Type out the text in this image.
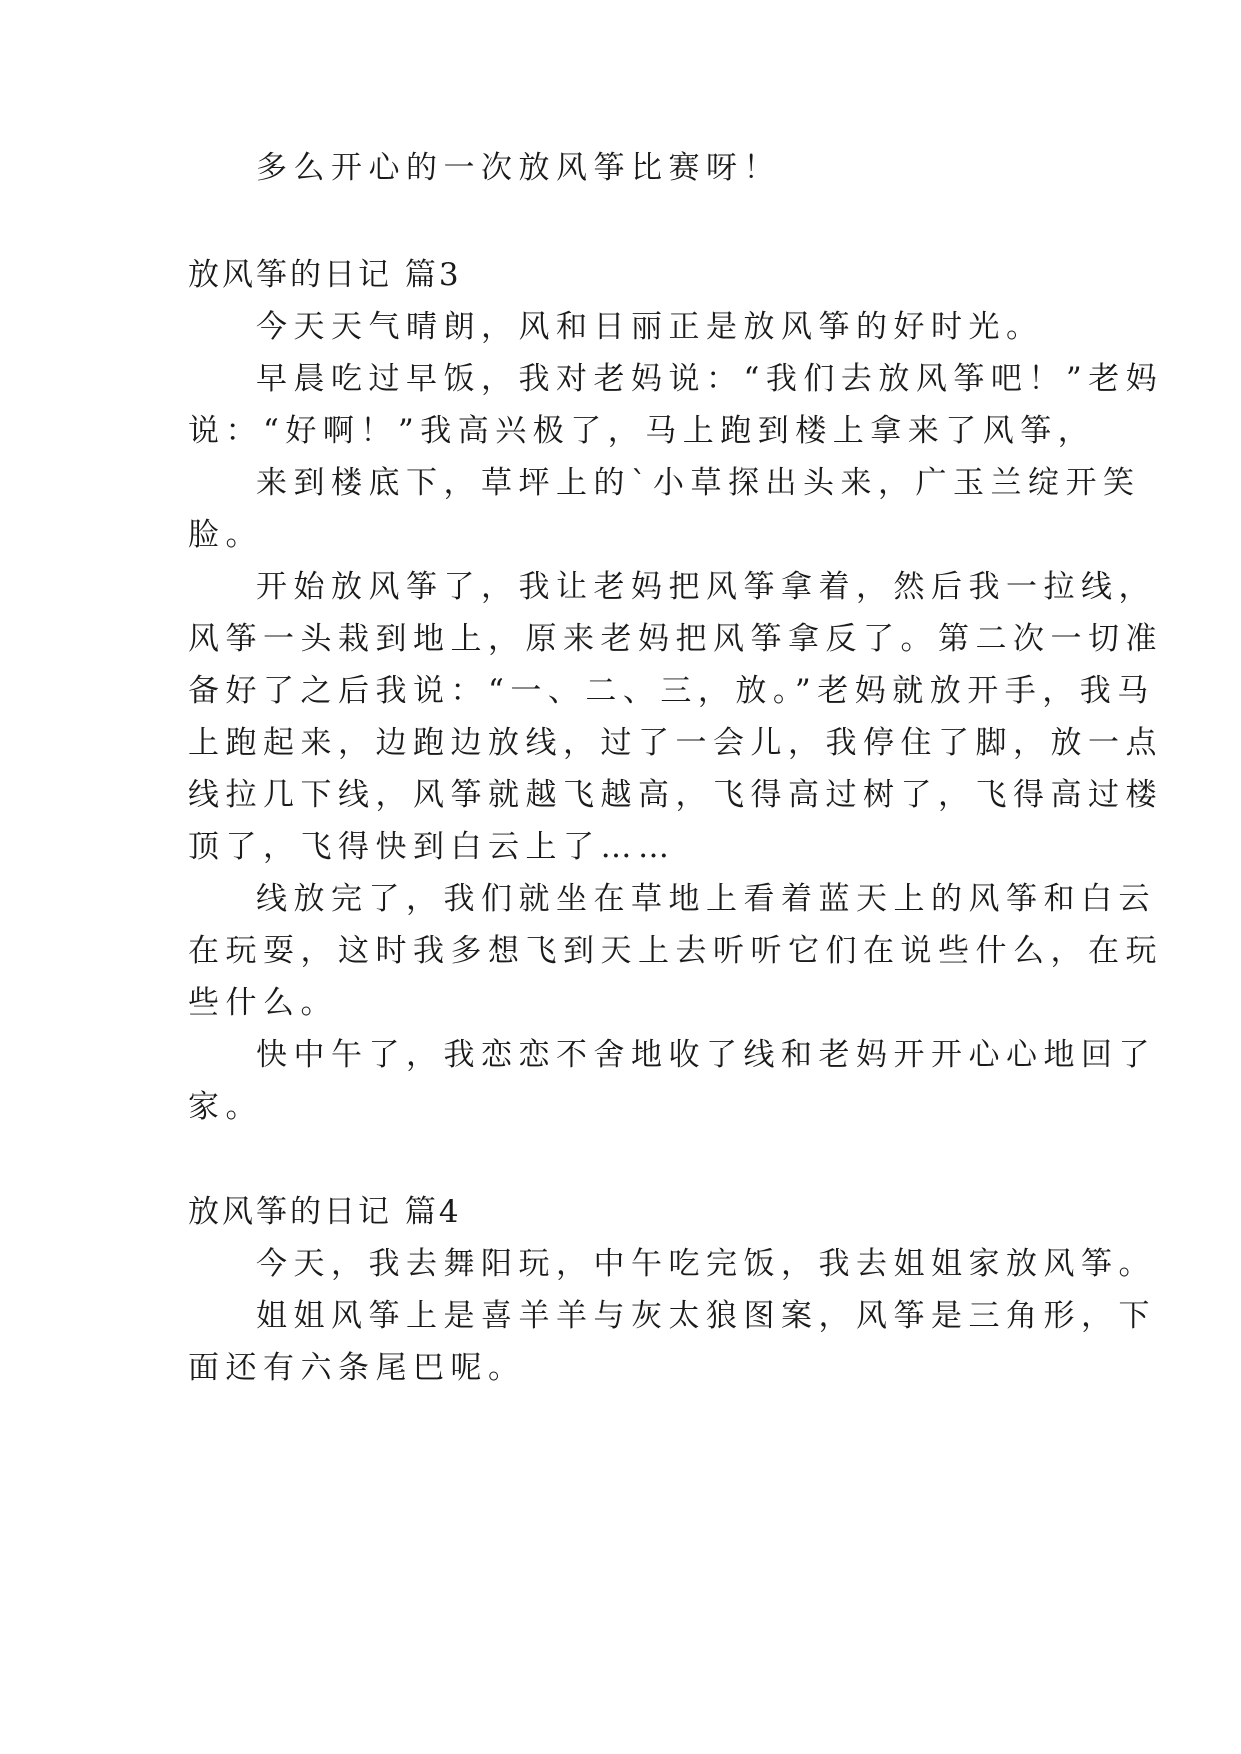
多么开心的一次放风筝比赛呀！
放风筝的日记 篇3
今天天气晴朗，风和日丽正是放风筝的好时光。
早晨吃过早饭，我对老妈说：“我们去放风筝吧！”老妈
说：“好啊！”我高兴极了，马上跑到楼上拿来了风筝，
来到楼底下，草坪上的`小草探出头来，广玉兰绽开笑
脸。
开始放风筝了，我让老妈把风筝拿着，然后我一拉线，
风筝一头栽到地上，原来老妈把风筝拿反了。第二次一切准
备好了之后我说：“一、二、三，放。”老妈就放开手，我马
上跑起来，边跑边放线，过了一会儿，我停住了脚，放一点
线拉几下线，风筝就越飞越高，飞得高过树了，飞得高过楼
顶了，飞得快到白云上了……
线放完了，我们就坐在草地上看着蓝天上的风筝和白云
在玩耍，这时我多想飞到天上去听听它们在说些什么，在玩
些什么。
快中午了，我恋恋不舍地收了线和老妈开开心心地回了
家。
放风筝的日记 篇4
今天，我去舞阳玩，中午吃完饭，我去姐姐家放风筝。
姐姐风筝上是喜羊羊与灰太狼图案，风筝是三角形，下
面还有六条尾巴呢。
